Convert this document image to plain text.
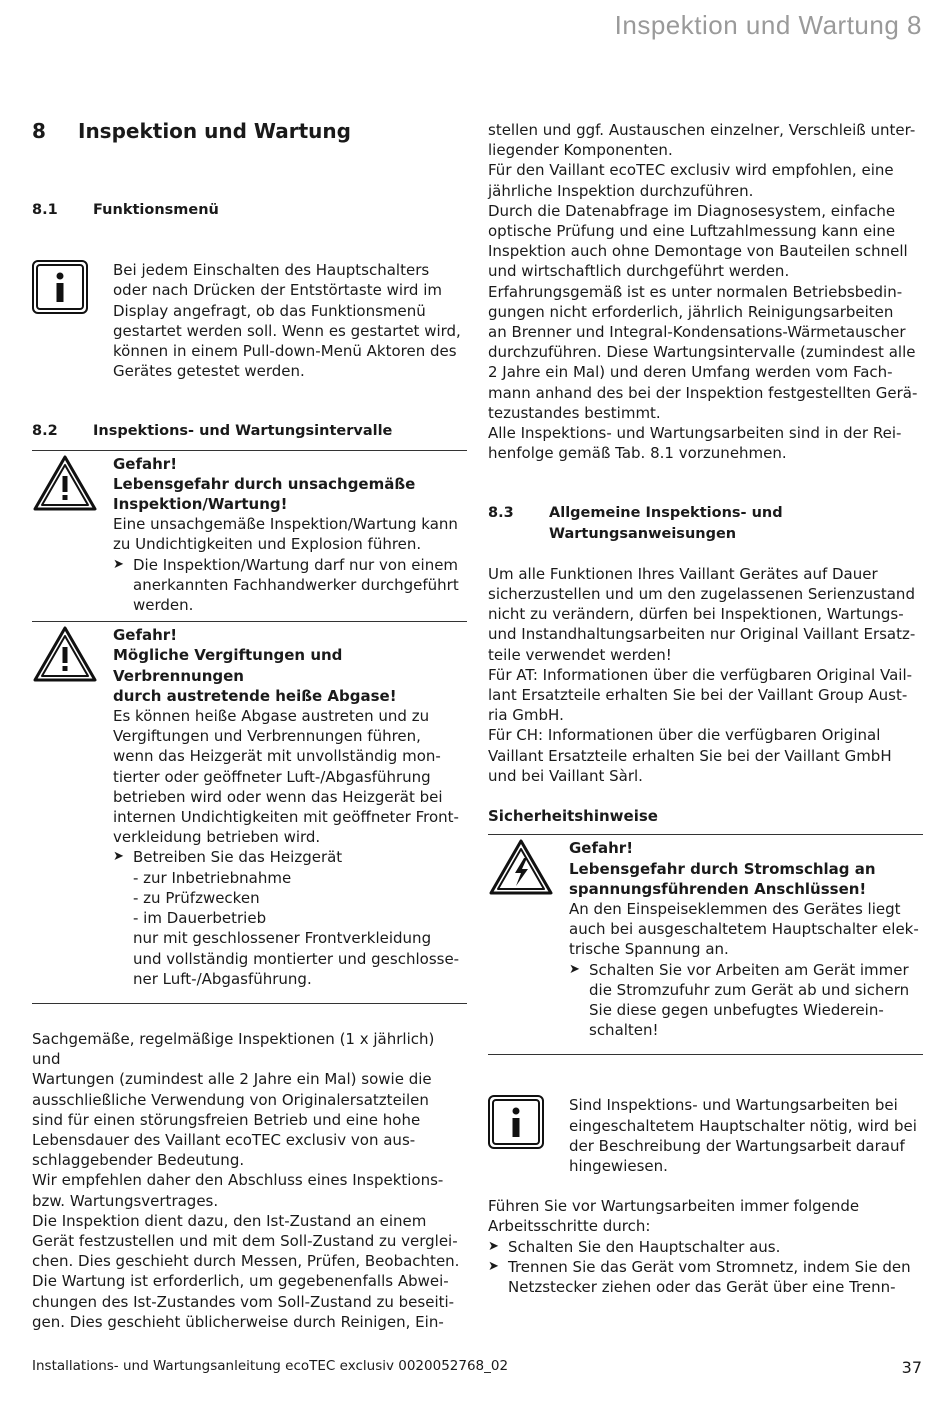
Inspektion und Wartung 8
8	Inspektion und Wartung
8.1	Funktionsmenü
Bei jedem Einschalten des Hauptschalters
oder nach Drücken der Entstörtaste wird im
Display angefragt, ob das Funktionsmenü
gestartet werden soll. Wenn es gestartet wird,
können in einem Pull-down-Menü Aktoren des
Gerätes getestet werden.
8.2	Inspektions- und Wartungsintervalle
Gefahr!
Lebensgefahr durch unsachgemäße
Inspektion/Wartung!
Eine unsachgemäße Inspektion/Wartung kann
zu Undichtigkeiten und Explosion führen.
➤ Die Inspektion/Wartung darf nur von einem
anerkannten Fachhandwerker durchgeführt
werden.
Gefahr!
Mögliche Vergiftungen und Verbrennungen
durch austretende heiße Abgase!
Es können heiße Abgase austreten und zu
Vergiftungen und Verbrennungen führen,
wenn das Heizgerät mit unvollständig mon-
tierter oder geöffneter Luft-/Abgasführung
betrieben wird oder wenn das Heizgerät bei
internen Undichtigkeiten mit geöffneter Front-
verkleidung betrieben wird.
➤ Betreiben Sie das Heizgerät
- zur Inbetriebnahme
- zu Prüfzwecken
- im Dauerbetrieb
nur mit geschlossener Frontverkleidung
und vollständig montierter und geschlosse-
ner Luft-/Abgasführung.
Sachgemäße, regelmäßige Inspektionen (1 x jährlich) und
Wartungen (zumindest alle 2 Jahre ein Mal) sowie die
ausschließliche Verwendung von Originalersatzteilen
sind für einen störungsfreien Betrieb und eine hohe
Lebensdauer des Vaillant ecoTEC exclusiv von aus-
schlaggebender Bedeutung.
Wir empfehlen daher den Abschluss eines Inspektions-
bzw. Wartungsvertrages.
Die Inspektion dient dazu, den Ist-Zustand an einem
Gerät festzustellen und mit dem Soll-Zustand zu verglei-
chen. Dies geschieht durch Messen, Prüfen, Beobachten.
Die Wartung ist erforderlich, um gegebenenfalls Abwei-
chungen des Ist-Zustandes vom Soll-Zustand zu beseiti-
gen. Dies geschieht üblicherweise durch Reinigen, Ein-
stellen und ggf. Austauschen einzelner, Verschleiß unter-
liegender Komponenten.
Für den Vaillant ecoTEC exclusiv wird empfohlen, eine
jährliche Inspektion durchzuführen.
Durch die Datenabfrage im Diagnosesystem, einfache
optische Prüfung und eine Luftzahlmessung kann eine
Inspektion auch ohne Demontage von Bauteilen schnell
und wirtschaftlich durchgeführt werden.
Erfahrungsgemäß ist es unter normalen Betriebsbedin-
gungen nicht erforderlich, jährlich Reinigungsarbeiten
an Brenner und Integral-Kondensations-Wärmetauscher
durchzuführen. Diese Wartungsintervalle (zumindest alle
2 Jahre ein Mal) und deren Umfang werden vom Fach-
mann anhand des bei der Inspektion festgestellten Gerä-
tezustandes bestimmt.
Alle Inspektions- und Wartungsarbeiten sind in der Rei-
henfolge gemäß Tab. 8.1 vorzunehmen.
8.3	Allgemeine Inspektions- und
Wartungsanweisungen
Um alle Funktionen Ihres Vaillant Gerätes auf Dauer
sicherzustellen und um den zugelassenen Serienzustand
nicht zu verändern, dürfen bei Inspektionen, Wartungs-
und Instandhaltungsarbeiten nur Original Vaillant Ersatz-
teile verwendet werden!
Für AT: Informationen über die verfügbaren Original Vail-
lant Ersatzteile erhalten Sie bei der Vaillant Group Aust-
ria GmbH.
Für CH: Informationen über die verfügbaren Original
Vaillant Ersatzteile erhalten Sie bei der Vaillant GmbH
und bei Vaillant Sàrl.
Sicherheitshinweise
Gefahr!
Lebensgefahr durch Stromschlag an
spannungsführenden Anschlüssen!
An den Einspeiseklemmen des Gerätes liegt
auch bei ausgeschaltetem Hauptschalter elek-
trische Spannung an.
➤ Schalten Sie vor Arbeiten am Gerät immer
die Stromzufuhr zum Gerät ab und sichern
Sie diese gegen unbefugtes Wiederein-
schalten!
Sind Inspektions- und Wartungsarbeiten bei
eingeschaltetem Hauptschalter nötig, wird bei
der Beschreibung der Wartungsarbeit darauf
hingewiesen.
Führen Sie vor Wartungsarbeiten immer folgende
Arbeitsschritte durch:
➤ Schalten Sie den Hauptschalter aus.
➤ Trennen Sie das Gerät vom Stromnetz, indem Sie den
Netzstecker ziehen oder das Gerät über eine Trenn-
Installations- und Wartungsanleitung ecoTEC exclusiv 0020052768_02	37
